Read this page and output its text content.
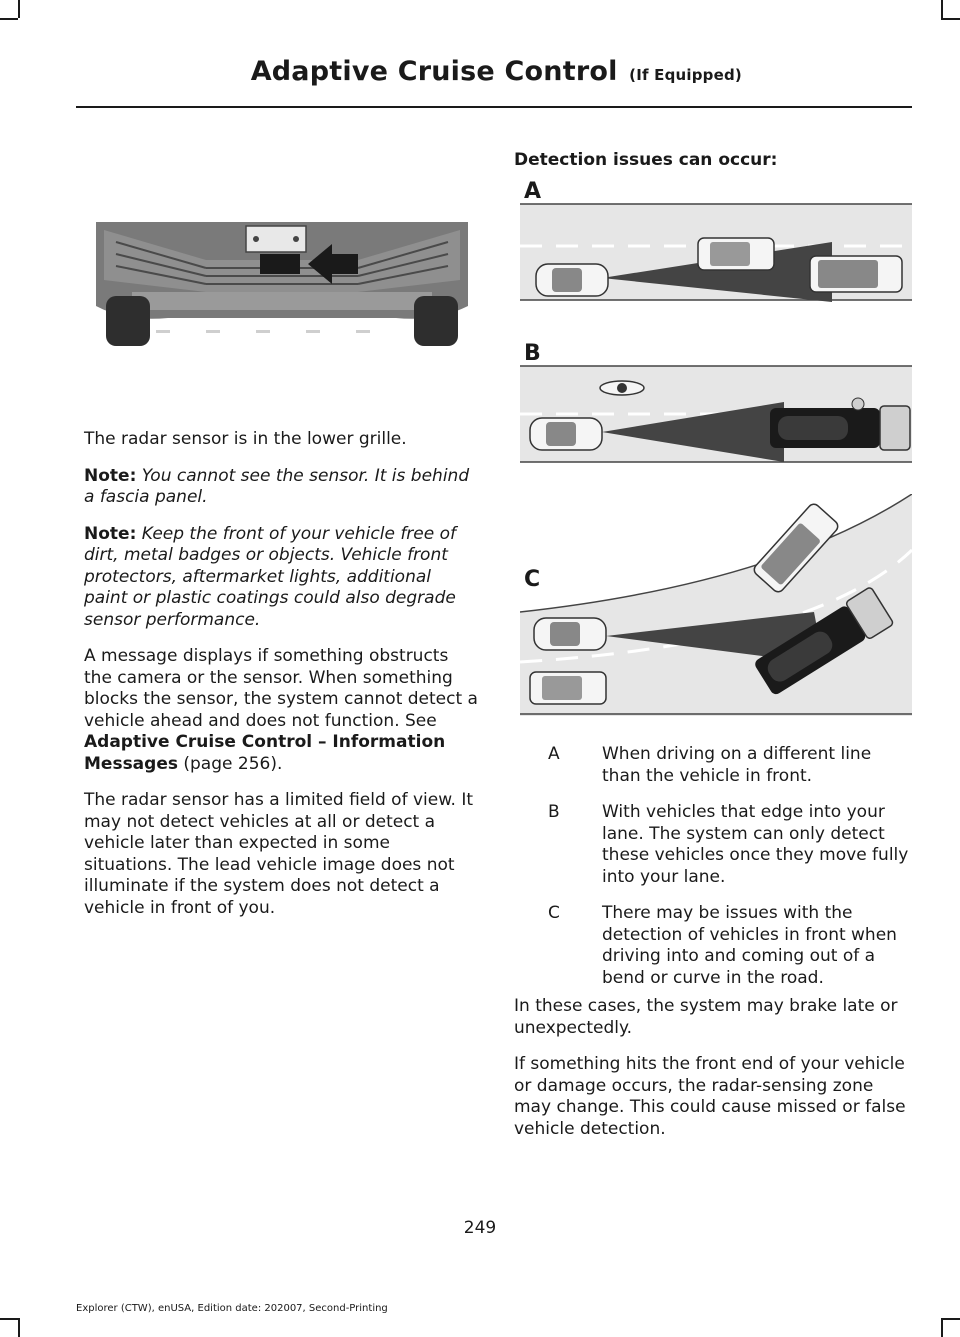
Adaptive Cruise Control (If Equipped)

The radar sensor is in the lower grille.

Note: You cannot see the sensor. It is behind a fascia panel.

Note: Keep the front of your vehicle free of dirt, metal badges or objects. Vehicle front protectors, aftermarket lights, additional paint or plastic coatings could also degrade sensor performance.

A message displays if something obstructs the camera or the sensor. When something blocks the sensor, the system cannot detect a vehicle ahead and does not function. See Adaptive Cruise Control – Information Messages (page 256).

The radar sensor has a limited field of view. It may not detect vehicles at all or detect a vehicle later than expected in some situations. The lead vehicle image does not illuminate if the system does not detect a vehicle in front of you.

Detection issues can occur:
A
B
C
A When driving on a different line than the vehicle in front.
B With vehicles that edge into your lane. The system can only detect these vehicles once they move fully into your lane.
C There may be issues with the detection of vehicles in front when driving into and coming out of a bend or curve in the road.

In these cases, the system may brake late or unexpectedly.

If something hits the front end of your vehicle or damage occurs, the radar-sensing zone may change. This could cause missed or false vehicle detection.

249
Explorer (CTW), enUSA, Edition date: 202007, Second-Printing
